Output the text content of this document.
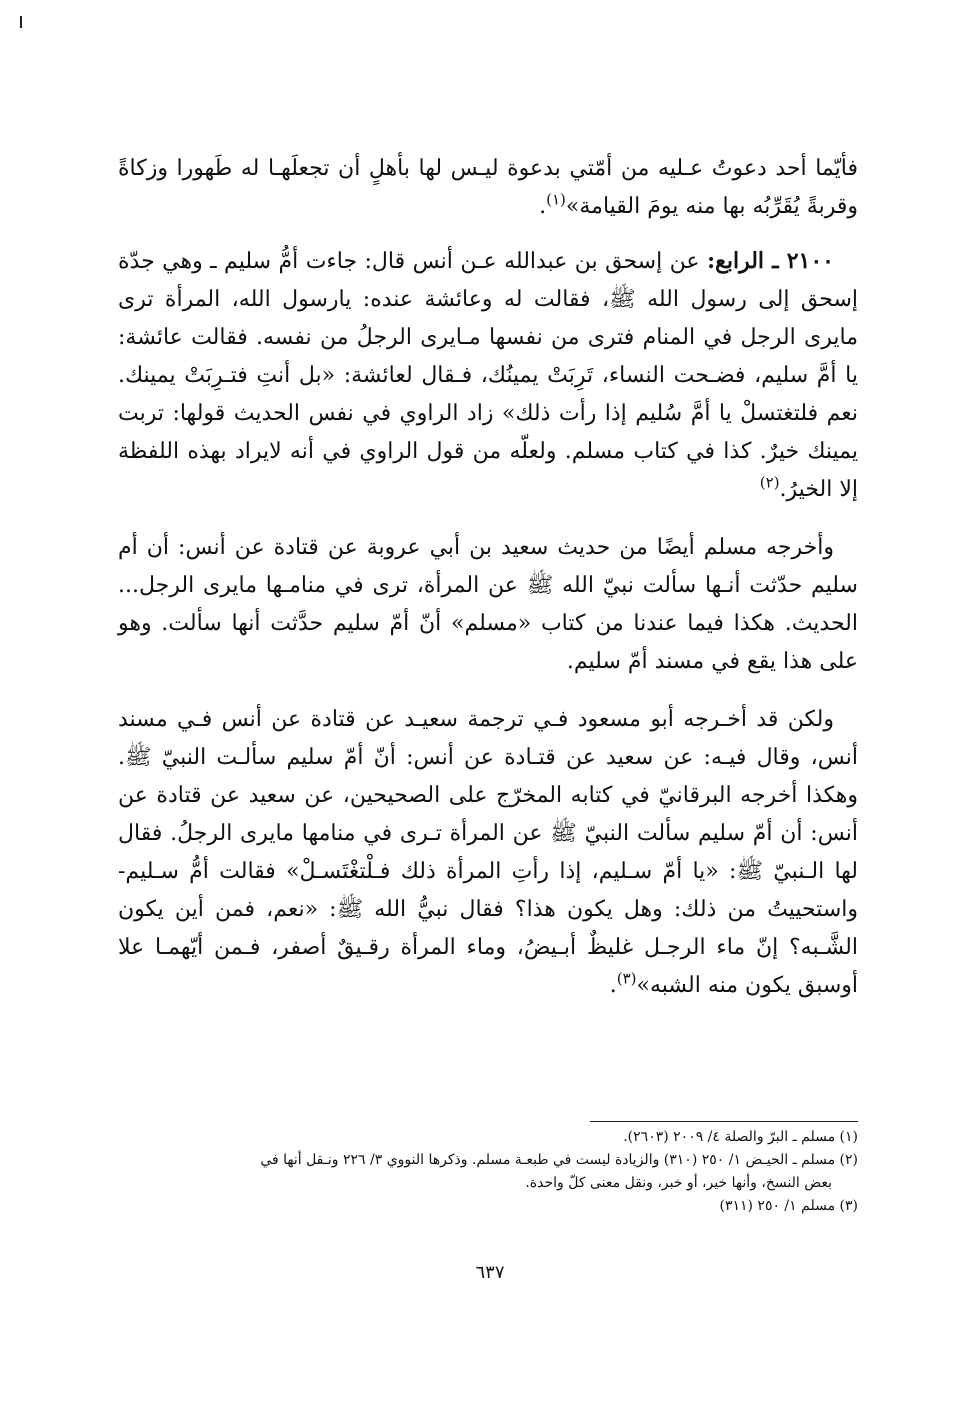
فأيّما أحد دعوتُ عـليه من أمّتي بدعوة ليـس لها بأهلٍ أن تجعلَهـا له طَهورا وزكاةً وقربةً يُقَرِّبُه بها منه يومَ القيامة»$^{(١)}$.

٢١٠٠ ـ الرابع: عن إسحق بن عبدالله عـن أنس قال: جاءت أمُّ سليم ـ وهي جدّة إسحق إلى رسول الله ﷺ، فقالت له وعائشة عنده: يارسول الله، المرأة ترى مايرى الرجل في المنام فترى من نفسها مـايرى الرجلُ من نفسه. فقالت عائشة: يا أمَّ سليم، فضـحت النساء، تَرِبَتْ يمينُك، فـقال لعائشة: «بل أنتِ فتـرِبَتْ يمينك. نعم فلتغتسلْ يا أمَّ سُليم إذا رأت ذلك» زاد الراوي في نفس الحديث قولها: تربت يمينك خيرٌ. كذا في كتاب مسلم. ولعلّه من قول الراوي في أنه لايراد بهذه اللفظة إلا الخيرُ.$^{(٢)}$

وأخرجه مسلم أيضًا من حديث سعيد بن أبي عروبة عن قتادة عن أنس: أن أم سليم حدّثت أنـها سألت نبيّ الله ﷺ عن المرأة، ترى في منامـها مايرى الرجل... الحديث. هكذا فيما عندنا من كتاب «مسلم» أنّ أمّ سليم حدَّثت أنها سألت. وهو على هذا يقع في مسند أمّ سليم.

ولكن قد أخـرجه أبو مسعود فـي ترجمة سعيـد عن قتادة عن أنس فـي مسند أنس، وقال فيـه: عن سعيد عن قتـادة عن أنس: أنّ أمّ سليم سألـت النبيّ ﷺ. وهكذا أخرجه البرقانيّ في كتابه المخرّج على الصحيحين، عن سعيد عن قتادة عن أنس: أن أمّ سليم سألت النبيّ ﷺ عن المرأة تـرى في منامها مايرى الرجلُ. فقال لها الـنبيّ ﷺ: «يا أمّ سـليم، إذا رأتِ المرأة ذلك فـلْتغْتَسـلْ» فقالت أمُّ سـليم- واستحييتُ من ذلك: وهل يكون هذا؟ فقال نبيُّ الله ﷺ: «نعم، فمن أين يكون الشَّـبه؟ إنّ ماء الرجـل غليظٌ أبـيضُ، وماء المرأة رقـيقٌ أصفر، فـمن أيّهمـا علا أوسبق يكون منه الشبه»$^{(٣)}$.

(١) مسلم ـ البرّ والصلة ٤/ ٢٠٠٩ (٢٦٠٣).

(٢) مسلم ـ الحيـض ١/ ٢٥٠ (٣١٠) والزيادة ليست في طبعـة مسلم. وذكرها النووي ٣/ ٢٢٦ ونـقل أنها في

بعض النسخ، وأنها خير، أو خبر، ونقل معنى كلّ واحدة.

(٣) مسلم ١/ ٢٥٠ (٣١١)

٦٣٧
